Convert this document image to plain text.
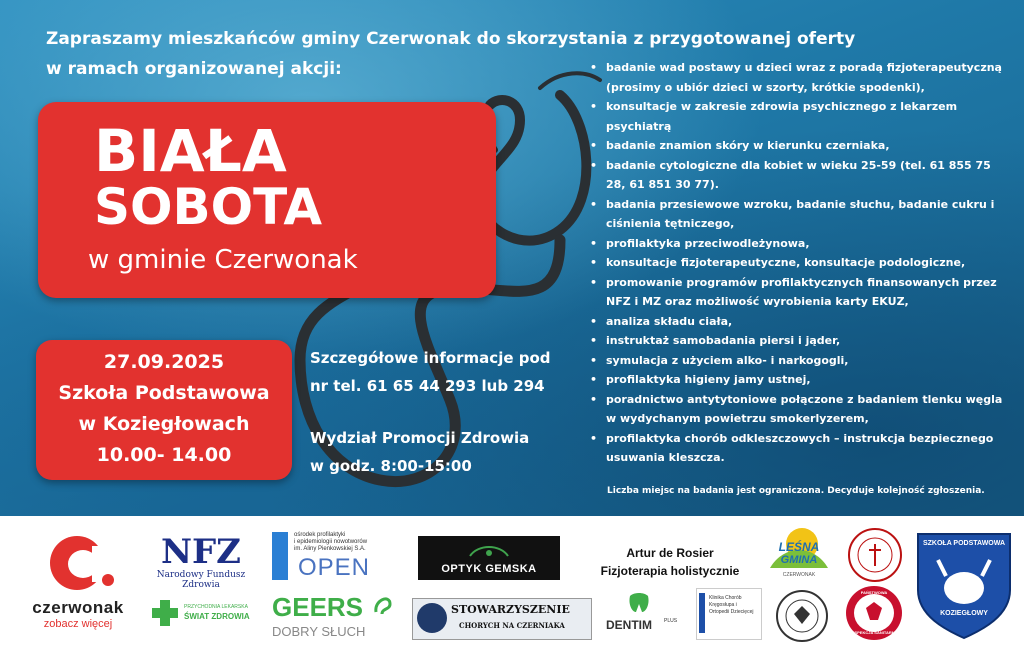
Zapraszamy mieszkańców gminy Czerwonak do skorzystania z przygotowanej oferty
w ramach organizowanej akcji:
BIAŁA
SOBOTA
w gminie Czerwonak
27.09.2025
Szkoła Podstawowa
w Koziegłowach
10.00- 14.00
Szczegółowe informacje pod
nr tel. 61 65 44 293 lub 294
Wydział Promocji Zdrowia
w godz. 8:00-15:00
• badanie wad postawy u dzieci wraz z poradą fizjoterapeutyczną (prosimy o ubiór dzieci w szorty, krótkie spodenki),
• konsultacje w zakresie zdrowia psychicznego z lekarzem psychiatrą
• badanie znamion skóry w kierunku czerniaka,
• badanie cytologiczne dla kobiet w wieku 25-59 (tel. 61 855 75 28, 61 851 30 77).
• badania przesiewowe wzroku, badanie słuchu, badanie cukru i ciśnienia tętniczego,
• profilaktyka przeciwodleżynowa,
• konsultacje fizjoterapeutyczne, konsultacje podologiczne,
• promowanie programów profilaktycznych finansowanych przez NFZ i MZ oraz możliwość wyrobienia karty EKUZ,
• analiza składu ciała,
• instruktaż samobadania piersi i jąder,
• symulacja z użyciem alko- i narkogogli,
• profilaktyka higieny jamy ustnej,
• poradnictwo antytytoniowe połączone z badaniem tlenku węgla w wydychanym powietrzu smokerlyzerem,
• profilaktyka chorób odkleszczowych – instrukcja bezpiecznego usuwania kleszcza.
Liczba miejsc na badania jest ograniczona. Decyduje kolejność zgłoszenia.
czerwonak
zobacz więcej
NFZ
Narodowy Fundusz Zdrowia
ośrodek profilaktyki
i epidemiologii nowotworów
im. Aliny Pienkowskiej S.A.
OPEN	OPTYK GEMSKA
Artur de Rosier
Fizjoterapia holistycznie
LEŚNA
GMINA
CZERWONAK
SZKOŁA PODSTAWOWA
KOZIEGŁOWY
PRZYCHODNIA LEKARSKA
ŚWIAT ZDROWIA GEERS
DOBRY SŁUCH
STOWARZYSZENIE
CHORYCH NA CZERNIAKA	DENTIM PLUS
Klinika Chorób
Kręgosłupa i
Ortopedii Dziecięcej
PAŃSTWOWA
INSPEKCJA SANITARNA
